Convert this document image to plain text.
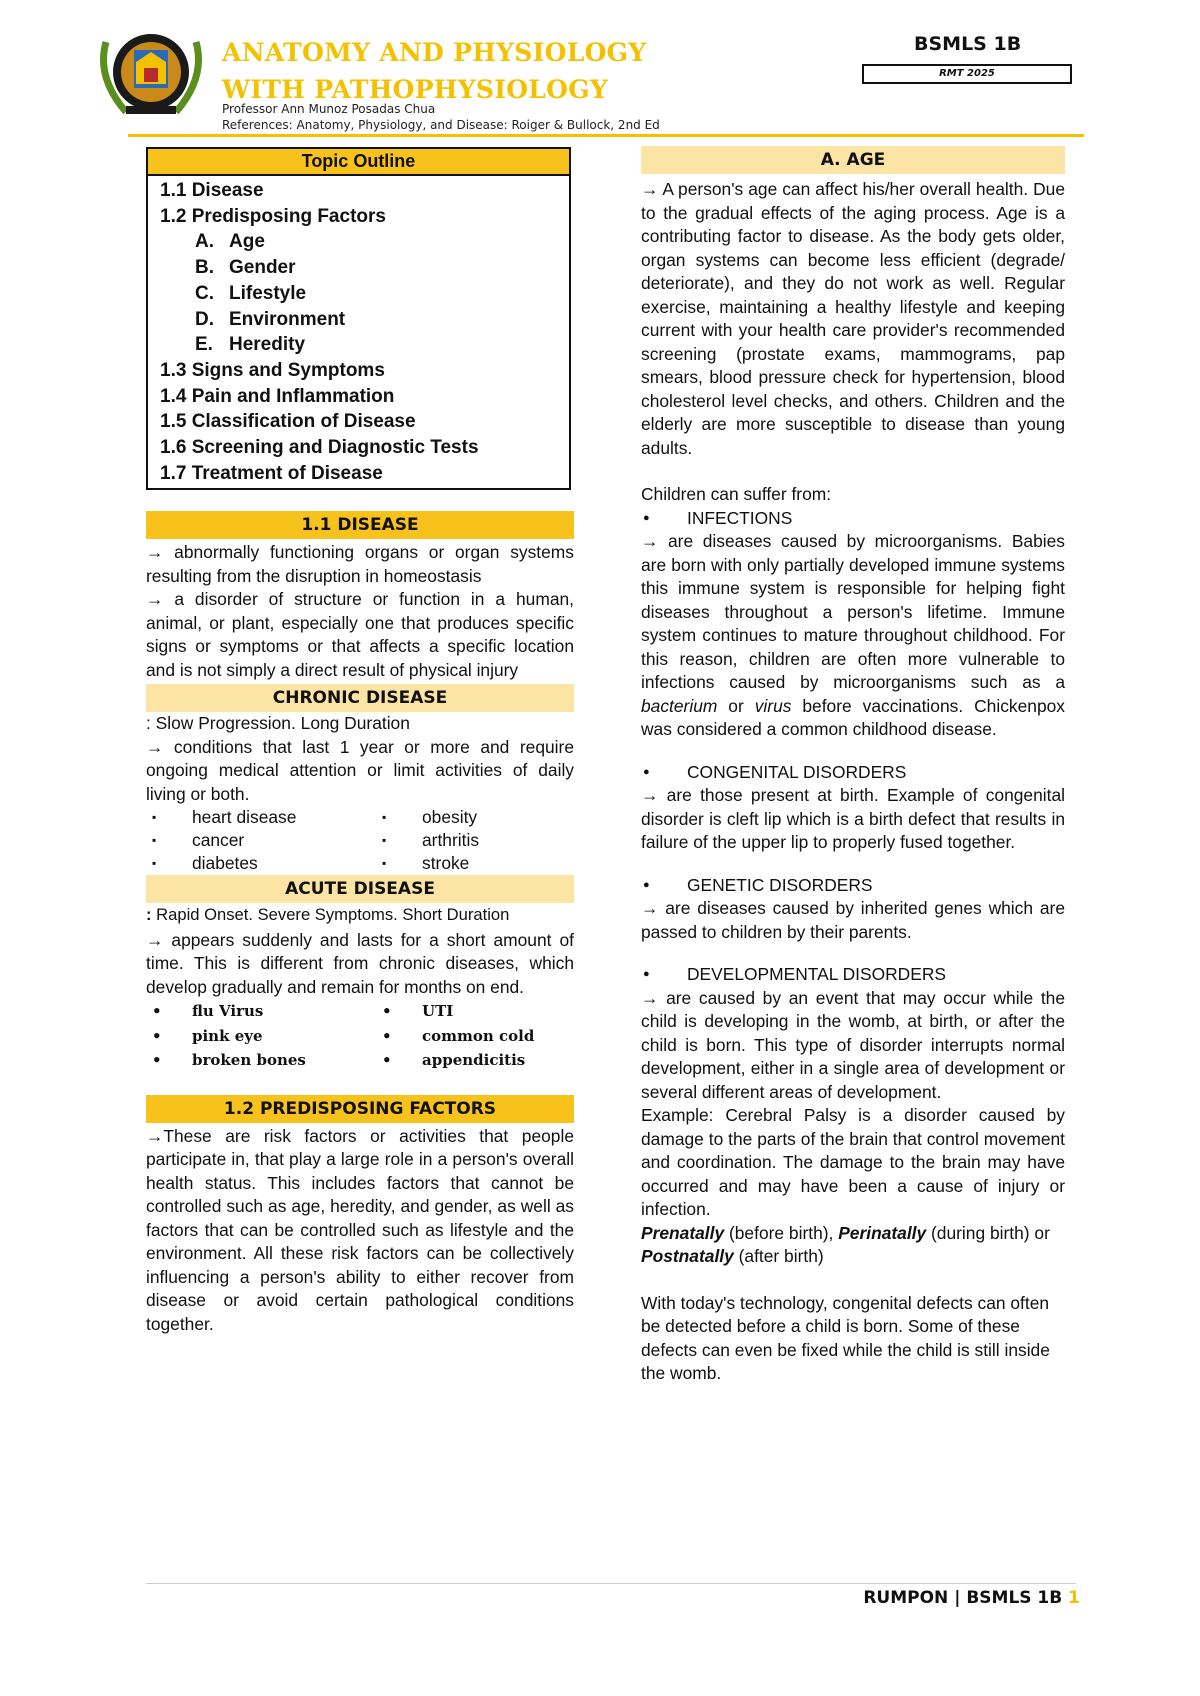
ANATOMY AND PHYSIOLOGY
WITH PATHOPHYSIOLOGY
Professor Ann Munoz Posadas Chua
References: Anatomy, Physiology, and Disease: Roiger & Bullock, 2nd Ed
BSMLS 1B
RMT 2025
Topic Outline
1.1 Disease
1.2 Predisposing Factors
A. Age
B. Gender
C. Lifestyle
D. Environment
E. Heredity
1.3 Signs and Symptoms
1.4 Pain and Inflammation
1.5 Classification of Disease
1.6 Screening and Diagnostic Tests
1.7 Treatment of Disease
1.1 DISEASE

→ abnormally functioning organs or organ systems resulting from the disruption in homeostasis

→ a disorder of structure or function in a human, animal, or plant, especially one that produces specific signs or symptoms or that affects a specific location and is not simply a direct result of physical injury

CHRONIC DISEASE

: Slow Progression. Long Duration

→ conditions that last 1 year or more and require ongoing medical attention or limit activities of daily living or both.

▪ heart disease	▪ obesity
▪ cancer	▪ arthritis
▪ diabetes	▪ stroke
ACUTE DISEASE

: Rapid Onset. Severe Symptoms. Short Duration

→ appears suddenly and lasts for a short amount of time. This is different from chronic diseases, which develop gradually and remain for months on end.

• flu Virus	• UTI
• pink eye	• common cold
• broken bones	• appendicitis
1.2 PREDISPOSING FACTORS

→These are risk factors or activities that people participate in, that play a large role in a person's overall health status. This includes factors that cannot be controlled such as age, heredity, and gender, as well as factors that can be controlled such as lifestyle and the environment. All these risk factors can be collectively influencing a person's ability to either recover from disease or avoid certain pathological conditions together.

A. AGE

→ A person's age can affect his/her overall health. Due to the gradual effects of the aging process. Age is a contributing factor to disease. As the body gets older, organ systems can become less efficient (degrade/ deteriorate), and they do not work as well. Regular exercise, maintaining a healthy lifestyle and keeping current with your health care provider's recommended screening (prostate exams, mammograms, pap smears, blood pressure check for hypertension, blood cholesterol level checks, and others. Children and the elderly are more susceptible to disease than young adults.

Children can suffer from:

● INFECTIONS

→ are diseases caused by microorganisms. Babies are born with only partially developed immune systems this immune system is responsible for helping fight diseases throughout a person's lifetime. Immune system continues to mature throughout childhood. For this reason, children are often more vulnerable to infections caused by microorganisms such as a bacterium or virus before vaccinations. Chickenpox was considered a common childhood disease.

● CONGENITAL DISORDERS

→ are those present at birth. Example of congenital disorder is cleft lip which is a birth defect that results in failure of the upper lip to properly fused together.

● GENETIC DISORDERS

→ are diseases caused by inherited genes which are passed to children by their parents.

● DEVELOPMENTAL DISORDERS

→ are caused by an event that may occur while the child is developing in the womb, at birth, or after the child is born. This type of disorder interrupts normal development, either in a single area of development or several different areas of development.

Example: Cerebral Palsy is a disorder caused by damage to the parts of the brain that control movement and coordination. The damage to the brain may have occurred and may have been a cause of injury or infection.

Prenatally (before birth), Perinatally (during birth) or Postnatally (after birth)

With today's technology, congenital defects can often be detected before a child is born. Some of these defects can even be fixed while the child is still inside the womb.

RUMPON | BSMLS 1B 1
